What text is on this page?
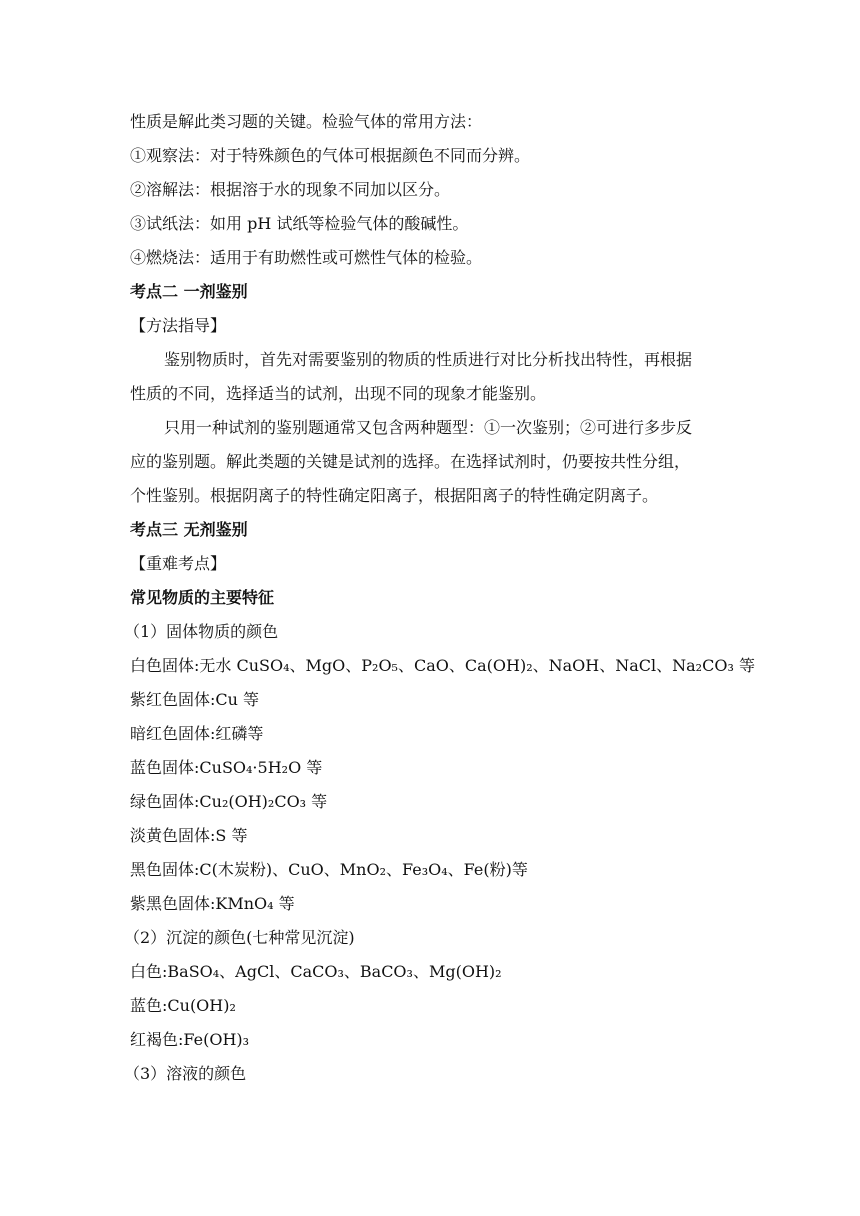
性质是解此类习题的关键。检验气体的常用方法：
①观察法：对于特殊颜色的气体可根据颜色不同而分辨。
②溶解法：根据溶于水的现象不同加以区分。
③试纸法：如用 pH 试纸等检验气体的酸碱性。
④燃烧法：适用于有助燃性或可燃性气体的检验。
考点二 一剂鉴别
【方法指导】
鉴别物质时，首先对需要鉴别的物质的性质进行对比分析找出特性，再根据
性质的不同，选择适当的试剂，出现不同的现象才能鉴别。
只用一种试剂的鉴别题通常又包含两种题型：①一次鉴别；②可进行多步反
应的鉴别题。解此类题的关键是试剂的选择。在选择试剂时，仍要按共性分组，
个性鉴别。根据阴离子的特性确定阳离子，根据阳离子的特性确定阴离子。
考点三 无剂鉴别
【重难考点】
常见物质的主要特征
（1）固体物质的颜色
白色固体:无水 CuSO₄、MgO、P₂O₅、CaO、Ca(OH)₂、NaOH、NaCl、Na₂CO₃ 等
紫红色固体:Cu 等
暗红色固体:红磷等
蓝色固体:CuSO₄·5H₂O 等
绿色固体:Cu₂(OH)₂CO₃ 等
淡黄色固体:S 等
黑色固体:C(木炭粉)、CuO、MnO₂、Fe₃O₄、Fe(粉)等
紫黑色固体:KMnO₄ 等
（2）沉淀的颜色(七种常见沉淀)
白色:BaSO₄、AgCl、CaCO₃、BaCO₃、Mg(OH)₂
蓝色:Cu(OH)₂
红褐色:Fe(OH)₃
（3）溶液的颜色
